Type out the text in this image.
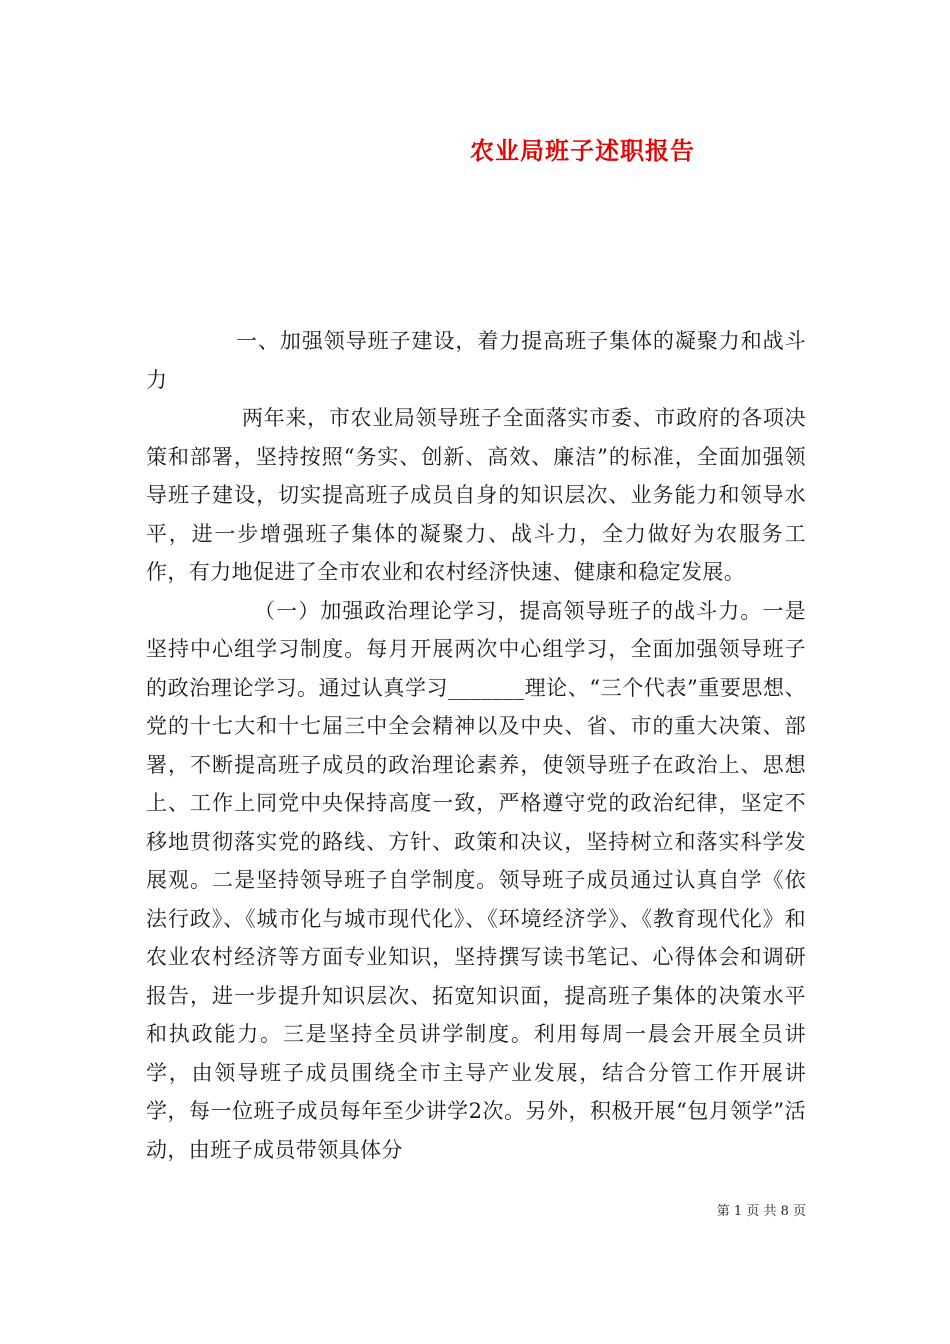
农业局班子述职报告

一、加强领导班子建设，着力提高班子集体的凝聚力和战斗力

两年来，市农业局领导班子全面落实市委、市政府的各项决策和部署，坚持按照“务实、创新、高效、廉洁”的标准，全面加强领导班子建设，切实提高班子成员自身的知识层次、业务能力和领导水平，进一步增强班子集体的凝聚力、战斗力，全力做好为农服务工作，有力地促进了全市农业和农村经济快速、健康和稳定发展。

（一）加强政治理论学习，提高领导班子的战斗力。一是坚持中心组学习制度。每月开展两次中心组学习，全面加强领导班子的政治理论学习。通过认真学习_______理论、“三个代表”重要思想、党的十七大和十七届三中全会精神以及中央、省、市的重大决策、部署，不断提高班子成员的政治理论素养，使领导班子在政治上、思想上、工作上同党中央保持高度一致，严格遵守党的政治纪律，坚定不移地贯彻落实党的路线、方针、政策和决议，坚持树立和落实科学发展观。二是坚持领导班子自学制度。领导班子成员通过认真自学《依法行政》、《城市化与城市现代化》、《环境经济学》、《教育现代化》和农业农村经济等方面专业知识，坚持撰写读书笔记、心得体会和调研报告，进一步提升知识层次、拓宽知识面，提高班子集体的决策水平和执政能力。三是坚持全员讲学制度。利用每周一晨会开展全员讲学，由领导班子成员围绕全市主导产业发展，结合分管工作开展讲学，每一位班子成员每年至少讲学2次。另外，积极开展“包月领学”活动，由班子成员带领具体分

第 1 页 共 8 页
